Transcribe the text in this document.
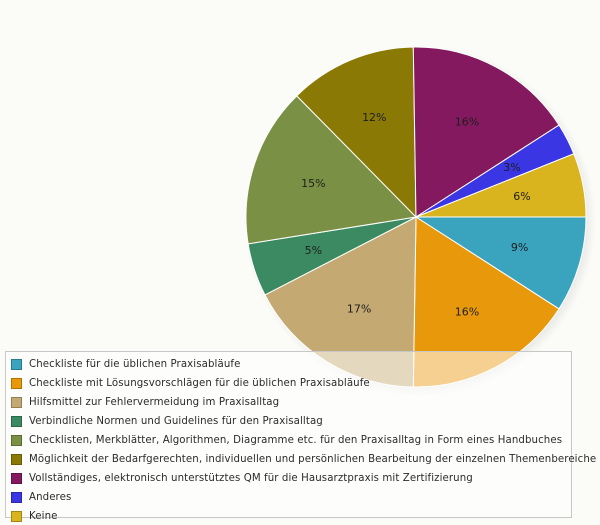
9%
16%
17%
5%
15%
12%	16%
3%
6%
Checkliste für die üblichen Praxisabläufe
Checkliste mit Lösungsvorschlägen für die üblichen Praxisabläufe
Hilfsmittel zur Fehlervermeidung im Praxisalltag
Verbindliche Normen und Guidelines für den Praxisalltag
Checklisten, Merkblätter, Algorithmen, Diagramme etc. für den Praxisalltag in Form eines Handbuches
Möglichkeit der Bedarfgerechten, individuellen und persönlichen Bearbeitung der einzelnen Themenbereiche
Vollständiges, elektronisch unterstütztes QM für die Hausarztpraxis mit Zertifizierung
Anderes
Keine
